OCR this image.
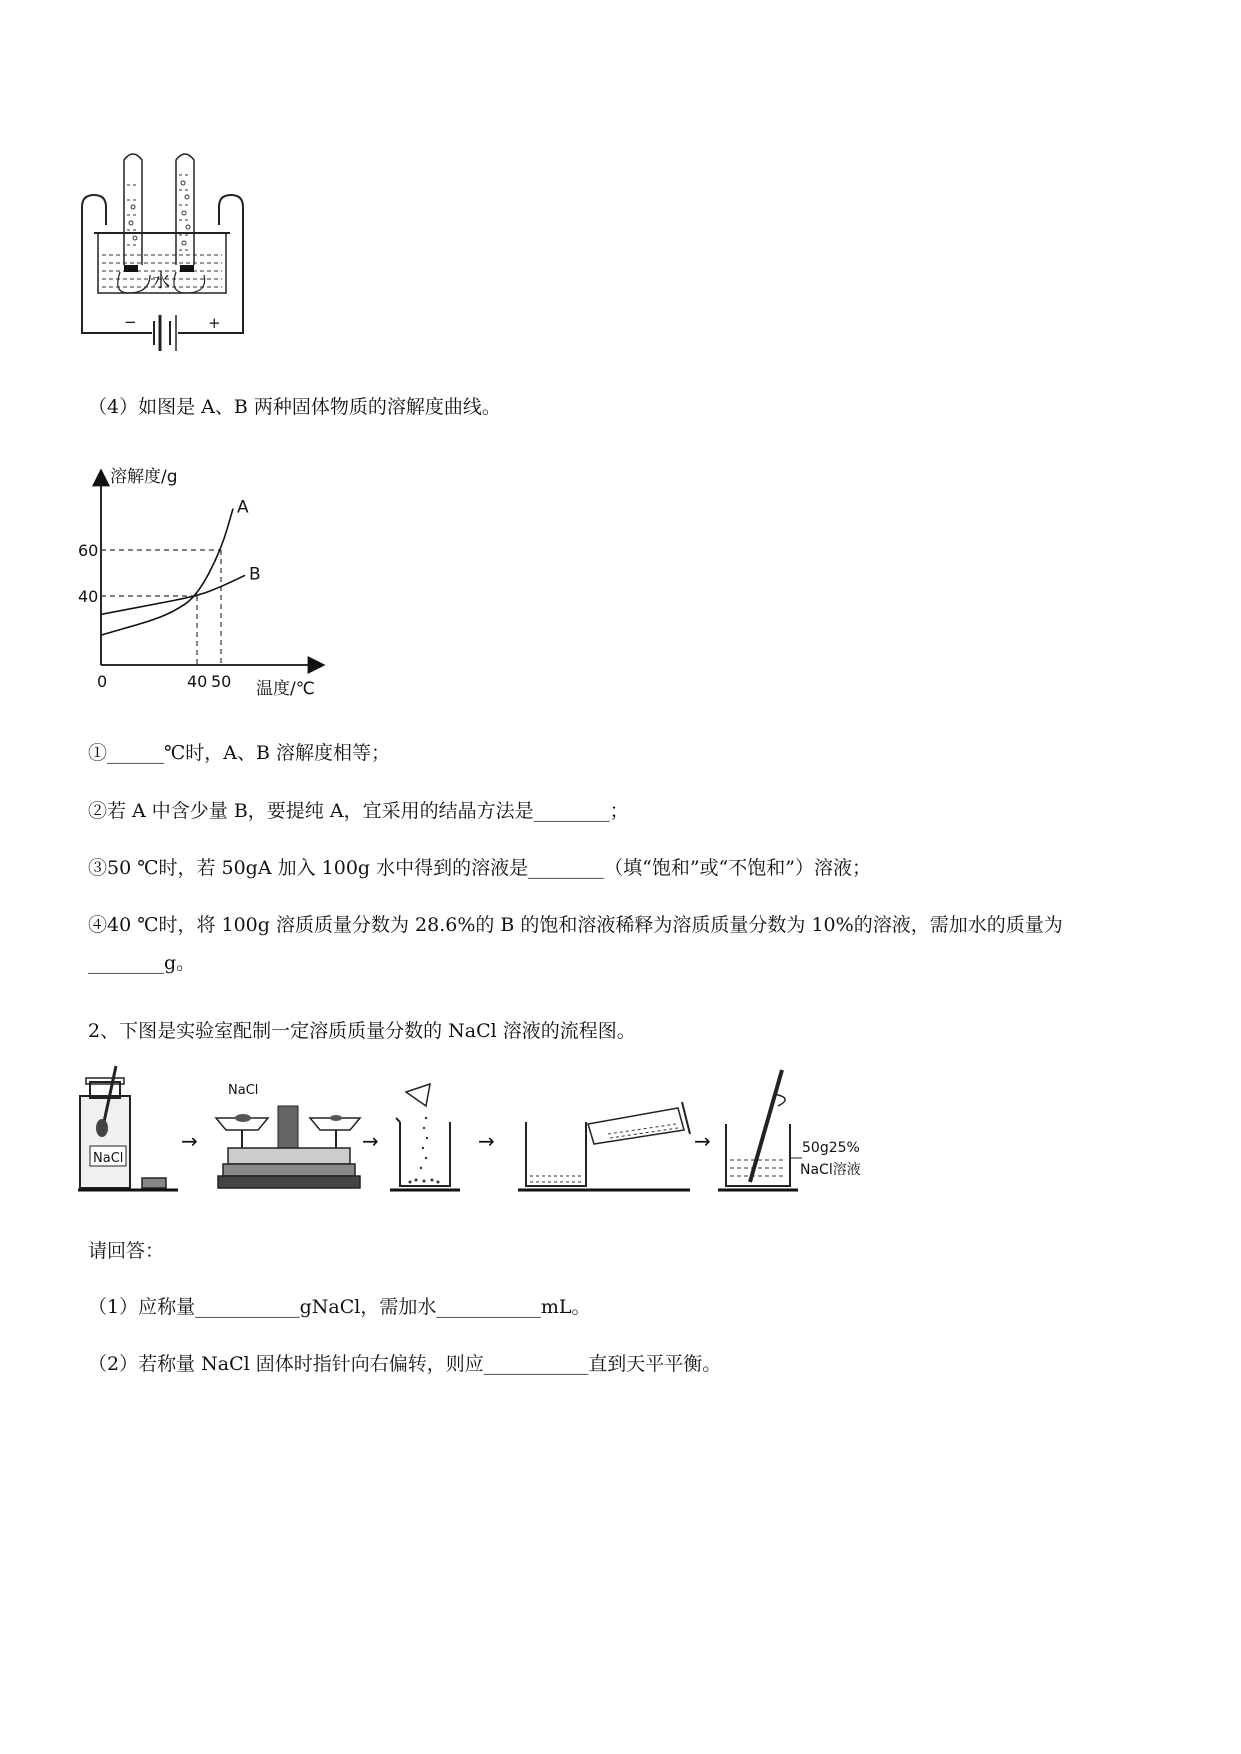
水
−	+
（4）如图是 A、B 两种固体物质的溶解度曲线。
A
B
40
60
0	40 50
溶解度/g
温度/℃
①______℃时，A、B 溶解度相等；
②若 A 中含少量 B，要提纯 A，宜采用的结晶方法是________；
③50 ℃时，若 50gA 加入 100g 水中得到的溶液是________（填“饱和”或“不饱和”）溶液；
④40 ℃时，将 100g 溶质质量分数为 28.6%的 B 的饱和溶液稀释为溶质质量分数为 10%的溶液，需加水的质量为________g。
2、下图是实验室配制一定溶质质量分数的 NaCl 溶液的流程图。
NaCl
→
NaCl
→	→	→	50g25%
NaCl溶液
请回答：
（1）应称量___________gNaCl，需加水___________mL。
（2）若称量 NaCl 固体时指针向右偏转，则应___________直到天平平衡。
